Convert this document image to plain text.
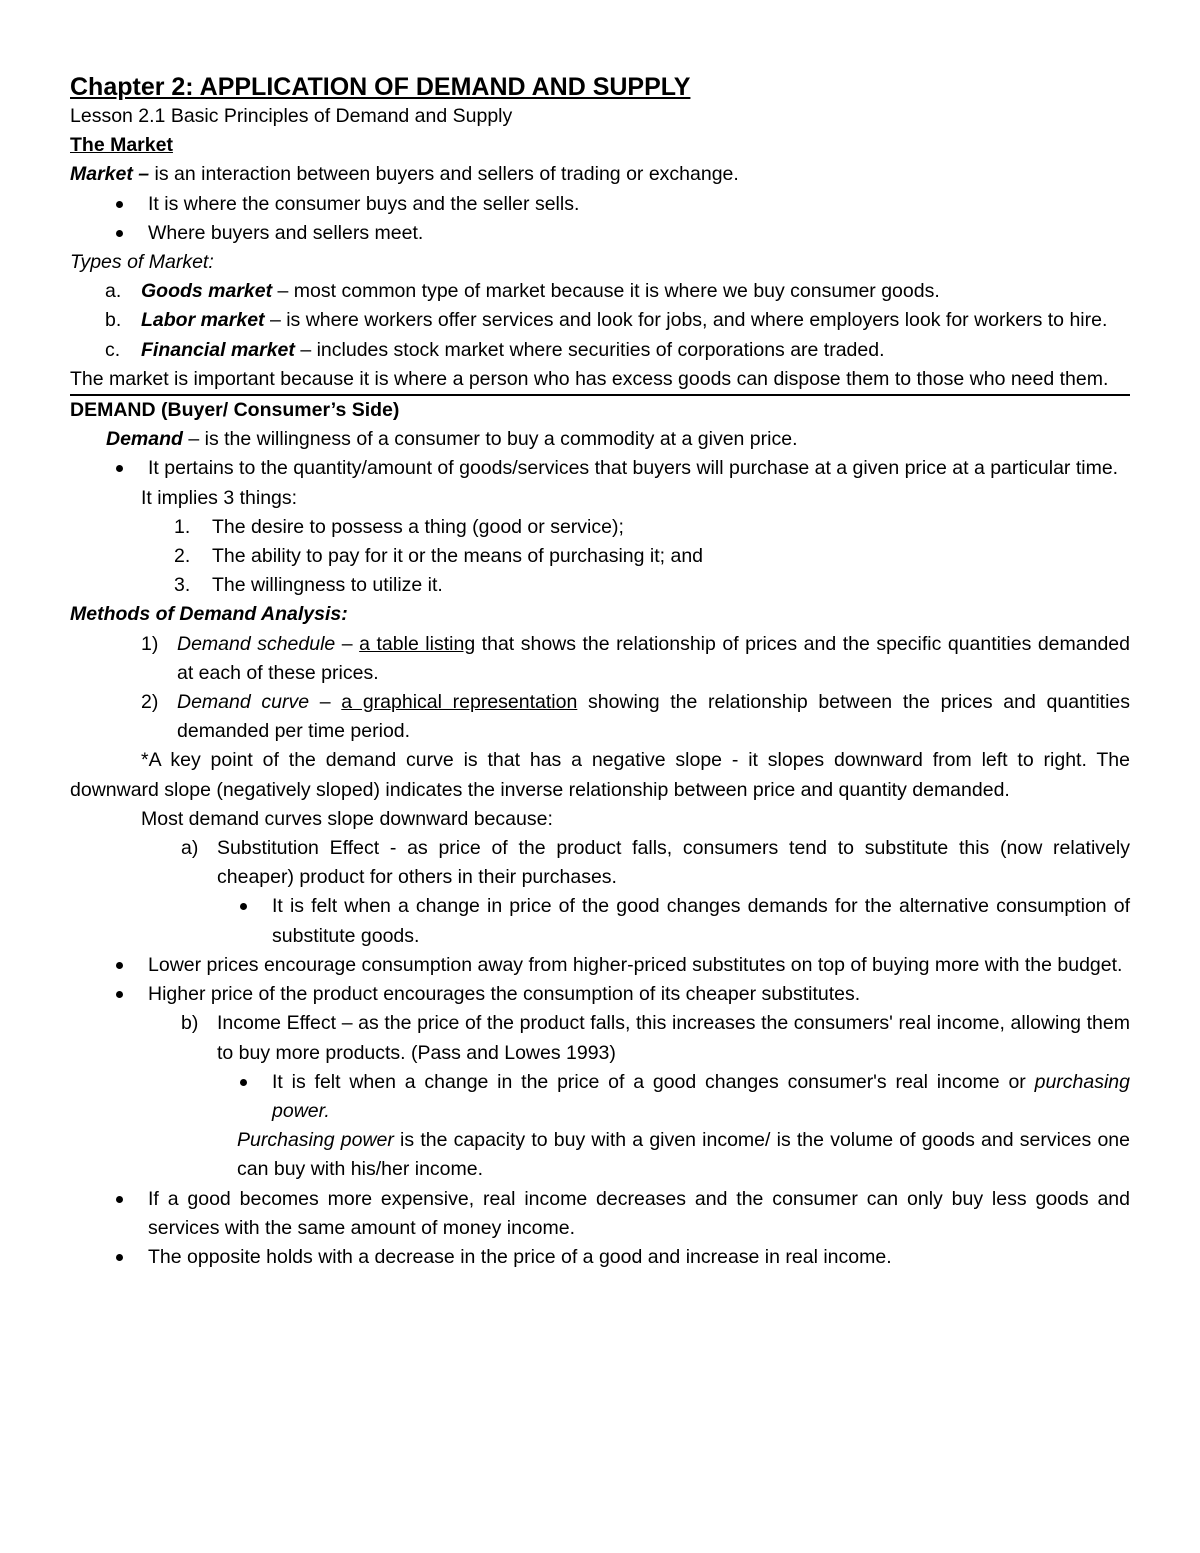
Chapter 2: APPLICATION OF DEMAND AND SUPPLY
Lesson 2.1 Basic Principles of Demand and Supply
The Market
Market – is an interaction between buyers and sellers of trading or exchange.
It is where the consumer buys and the seller sells.
Where buyers and sellers meet.
Types of Market:
a. Goods market – most common type of market because it is where we buy consumer goods.
b. Labor market – is where workers offer services and look for jobs, and where employers look for workers to hire.
c. Financial market – includes stock market where securities of corporations are traded.
The market is important because it is where a person who has excess goods can dispose them to those who need them.
DEMAND (Buyer/ Consumer’s Side)
Demand – is the willingness of a consumer to buy a commodity at a given price.
It pertains to the quantity/amount of goods/services that buyers will purchase at a given price at a particular time.
It implies 3 things:
1. The desire to possess a thing (good or service);
2. The ability to pay for it or the means of purchasing it; and
3. The willingness to utilize it.
Methods of Demand Analysis:
1) Demand schedule – a table listing that shows the relationship of prices and the specific quantities demanded at each of these prices.
2) Demand curve – a graphical representation showing the relationship between the prices and quantities demanded per time period.
*A key point of the demand curve is that has a negative slope - it slopes downward from left to right. The downward slope (negatively sloped) indicates the inverse relationship between price and quantity demanded.
Most demand curves slope downward because:
a) Substitution Effect - as price of the product falls, consumers tend to substitute this (now relatively cheaper) product for others in their purchases.
It is felt when a change in price of the good changes demands for the alternative consumption of substitute goods.
Lower prices encourage consumption away from higher-priced substitutes on top of buying more with the budget.
Higher price of the product encourages the consumption of its cheaper substitutes.
b) Income Effect – as the price of the product falls, this increases the consumers' real income, allowing them to buy more products. (Pass and Lowes 1993)
It is felt when a change in the price of a good changes consumer's real income or purchasing power.
Purchasing power is the capacity to buy with a given income/ is the volume of goods and services one can buy with his/her income.
If a good becomes more expensive, real income decreases and the consumer can only buy less goods and services with the same amount of money income.
The opposite holds with a decrease in the price of a good and increase in real income.
